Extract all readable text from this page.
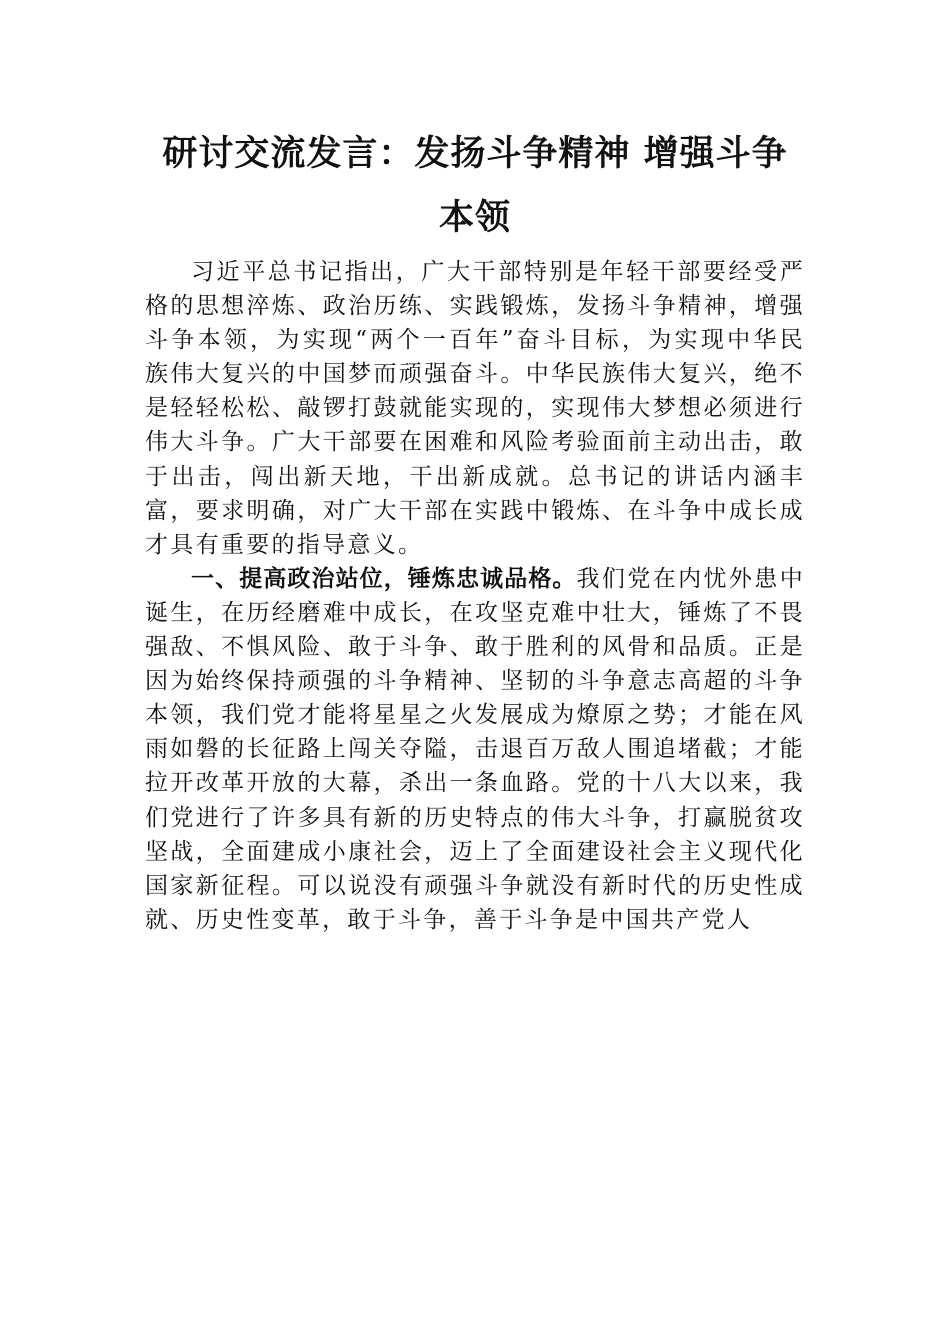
研讨交流发言：发扬斗争精神 增强斗争本领

习近平总书记指出，广大干部特别是年轻干部要经受严格的思想淬炼、政治历练、实践锻炼，发扬斗争精神，增强斗争本领，为实现“两个一百年”奋斗目标，为实现中华民族伟大复兴的中国梦而顽强奋斗。中华民族伟大复兴，绝不是轻轻松松、敲锣打鼓就能实现的，实现伟大梦想必须进行伟大斗争。广大干部要在困难和风险考验面前主动出击，敢于出击，闯出新天地，干出新成就。总书记的讲话内涵丰富，要求明确，对广大干部在实践中锻炼、在斗争中成长成才具有重要的指导意义。

一、提高政治站位，锤炼忠诚品格。我们党在内忧外患中诞生，在历经磨难中成长，在攻坚克难中壮大，锤炼了不畏强敌、不惧风险、敢于斗争、敢于胜利的风骨和品质。正是因为始终保持顽强的斗争精神、坚韧的斗争意志高超的斗争本领，我们党才能将星星之火发展成为燎原之势；才能在风雨如磐的长征路上闯关夺隘，击退百万敌人围追堵截；才能拉开改革开放的大幕，杀出一条血路。党的十八大以来，我们党进行了许多具有新的历史特点的伟大斗争，打赢脱贫攻坚战，全面建成小康社会，迈上了全面建设社会主义现代化国家新征程。可以说没有顽强斗争就没有新时代的历史性成就、历史性变革，敢于斗争，善于斗争是中国共产党人
